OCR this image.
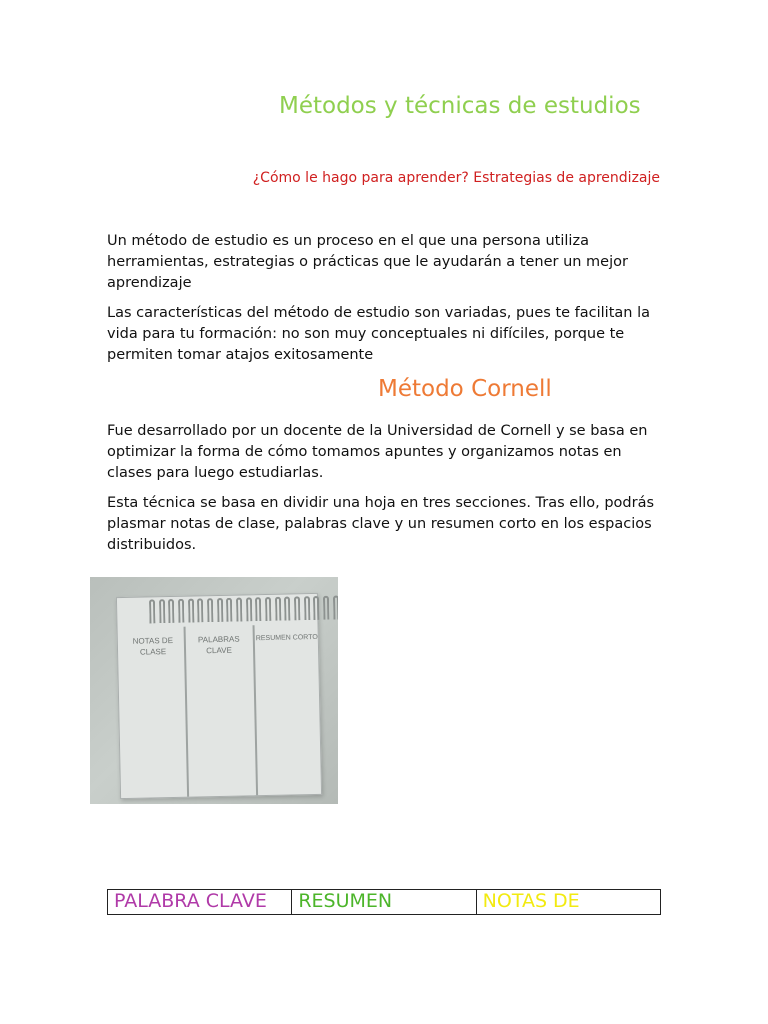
Métodos y técnicas de estudios

¿Cómo le hago para aprender? Estrategias de aprendizaje

Un método de estudio es un proceso en el que una persona utiliza herramientas, estrategias o prácticas que le ayudarán a tener un mejor aprendizaje

Las características del método de estudio son variadas, pues te facilitan la vida para tu formación: no son muy conceptuales ni difíciles, porque te permiten tomar atajos exitosamente

Método Cornell

Fue desarrollado por un docente de la Universidad de Cornell y se basa en optimizar la forma de cómo tomamos apuntes y organizamos notas en clases para luego estudiarlas.

Esta técnica se basa en dividir una hoja en tres secciones. Tras ello, podrás plasmar notas de clase, palabras clave y un resumen corto en los espacios distribuidos.

NOTAS DE CLASE
PALABRAS CLAVE
RESUMEN CORTO
PALABRA CLAVE	RESUMEN	NOTAS DE
